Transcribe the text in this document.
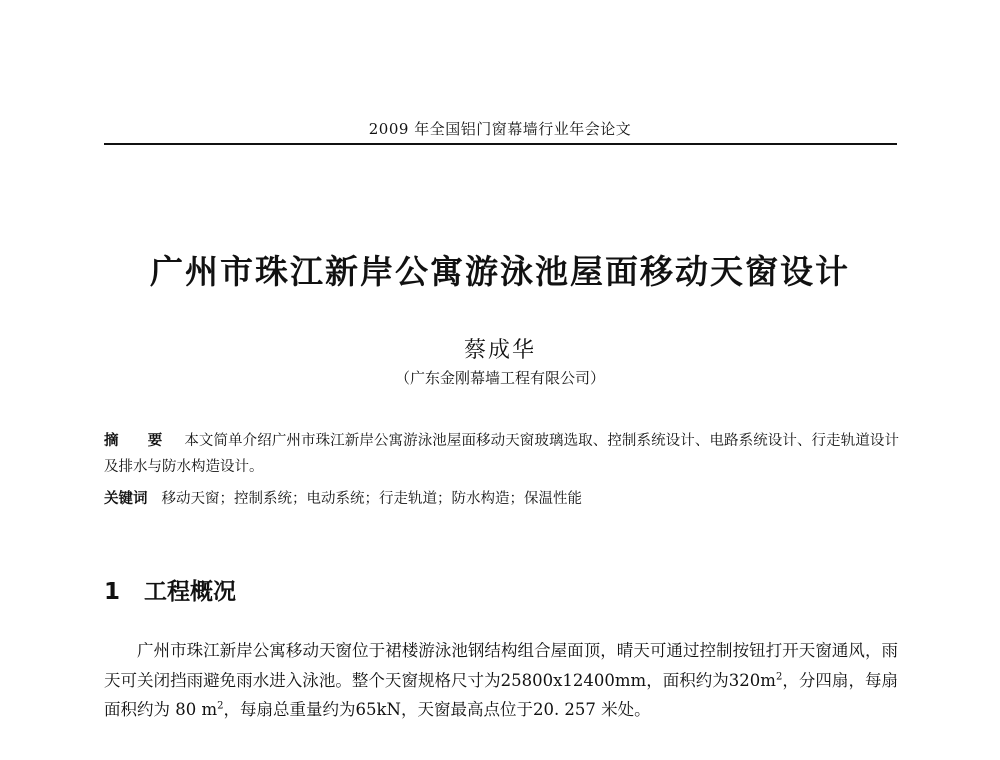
2009 年全国铝门窗幕墙行业年会论文
广州市珠江新岸公寓游泳池屋面移动天窗设计
蔡成华
（广东金刚幕墙工程有限公司）
摘 要 本文简单介绍广州市珠江新岸公寓游泳池屋面移动天窗玻璃选取、控制系统设计、电路系统设计、行走轨道设计及排水与防水构造设计。
关键词 移动天窗；控制系统；电动系统；行走轨道；防水构造；保温性能
1 工程概况

广州市珠江新岸公寓移动天窗位于裙楼游泳池钢结构组合屋面顶，晴天可通过控制按钮打开天窗通风，雨天可关闭挡雨避免雨水进入泳池。整个天窗规格尺寸为25800x12400mm，面积约为$320m^2$，分四扇，每扇面积约为 80 $m^2$，每扇总重量约为65kN，天窗最高点位于20. 257 米处。
